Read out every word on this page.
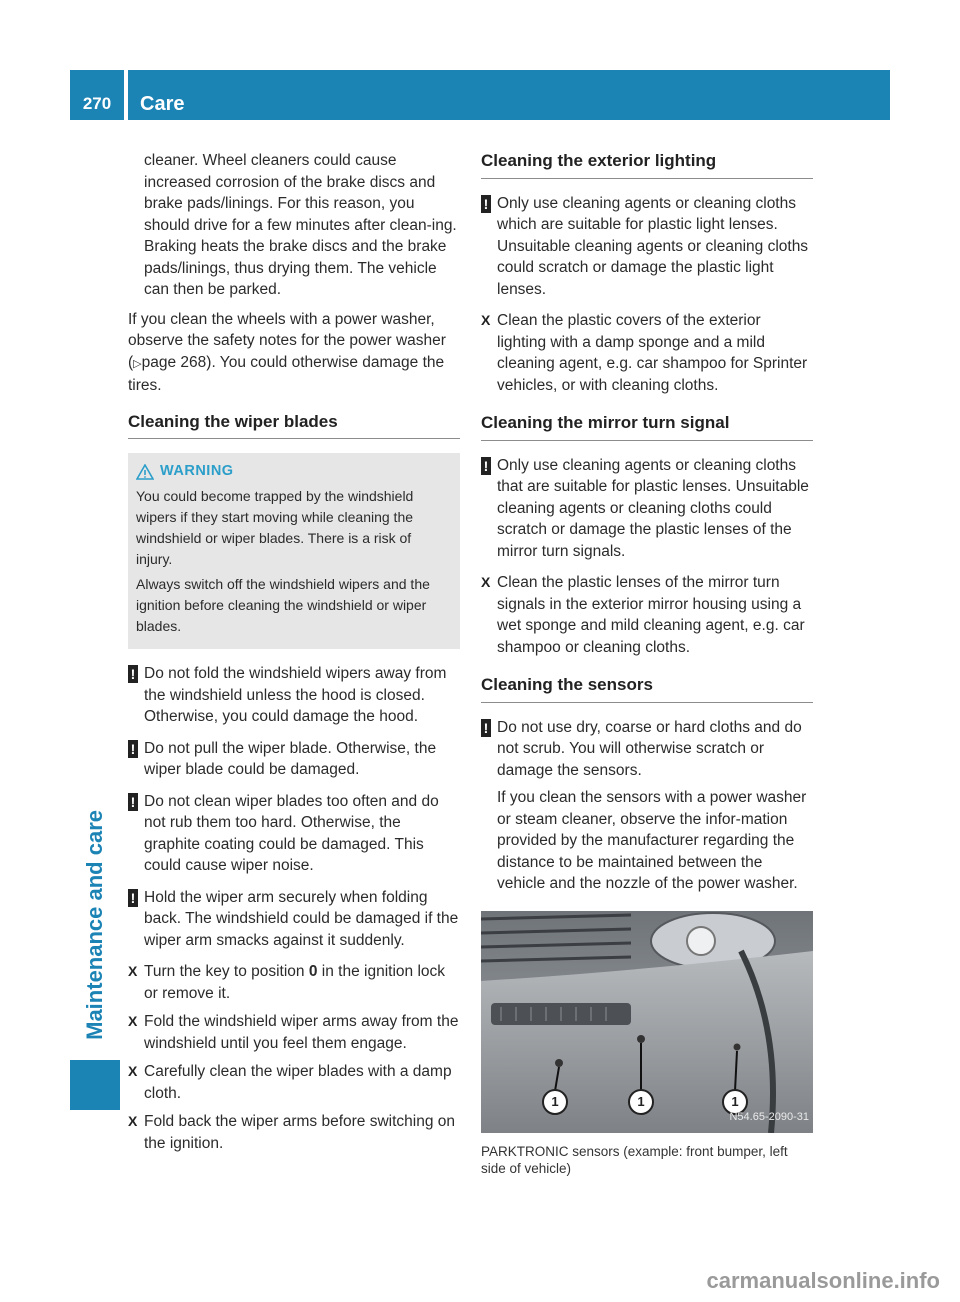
270	Care
Maintenance and care

cleaner. Wheel cleaners could cause increased corrosion of the brake discs and brake pads/linings. For this reason, you should drive for a few minutes after clean-ing. Braking heats the brake discs and the brake pads/linings, thus drying them. The vehicle can then be parked.

If you clean the wheels with a power washer, observe the safety notes for the power washer (▷page 268). You could otherwise damage the tires.

Cleaning the wiper blades
WARNING

You could become trapped by the windshield wipers if they start moving while cleaning the windshield or wiper blades. There is a risk of injury.

Always switch off the windshield wipers and the ignition before cleaning the windshield or wiper blades.

! Do not fold the windshield wipers away from the windshield unless the hood is closed. Otherwise, you could damage the hood.
! Do not pull the wiper blade. Otherwise, the wiper blade could be damaged.
! Do not clean wiper blades too often and do not rub them too hard. Otherwise, the graphite coating could be damaged. This could cause wiper noise.
! Hold the wiper arm securely when folding back. The windshield could be damaged if the wiper arm smacks against it suddenly.
X Turn the key to position 0 in the ignition lock or remove it.
X Fold the windshield wiper arms away from the windshield until you feel them engage.
X Carefully clean the wiper blades with a damp cloth.
X Fold back the wiper arms before switching on the ignition.
Cleaning the exterior lighting
! Only use cleaning agents or cleaning cloths which are suitable for plastic light lenses. Unsuitable cleaning agents or cleaning cloths could scratch or damage the plastic light lenses.
X Clean the plastic covers of the exterior lighting with a damp sponge and a mild cleaning agent, e.g. car shampoo for Sprinter vehicles, or with cleaning cloths.
Cleaning the mirror turn signal
! Only use cleaning agents or cleaning cloths that are suitable for plastic lenses. Unsuitable cleaning agents or cleaning cloths could scratch or damage the plastic lenses of the mirror turn signals.
X Clean the plastic lenses of the mirror turn signals in the exterior mirror housing using a wet sponge and mild cleaning agent, e.g. car shampoo or cleaning cloths.
Cleaning the sensors
! Do not use dry, coarse or hard cloths and do not scrub. You will otherwise scratch or damage the sensors.

If you clean the sensors with a power washer or steam cleaner, observe the infor-mation provided by the manufacturer regarding the distance to be maintained between the vehicle and the nozzle of the power washer.

1	1	1
N54.65-2090-31
PARKTRONIC sensors (example: front bumper, left side of vehicle)
carmanualsonline.info
